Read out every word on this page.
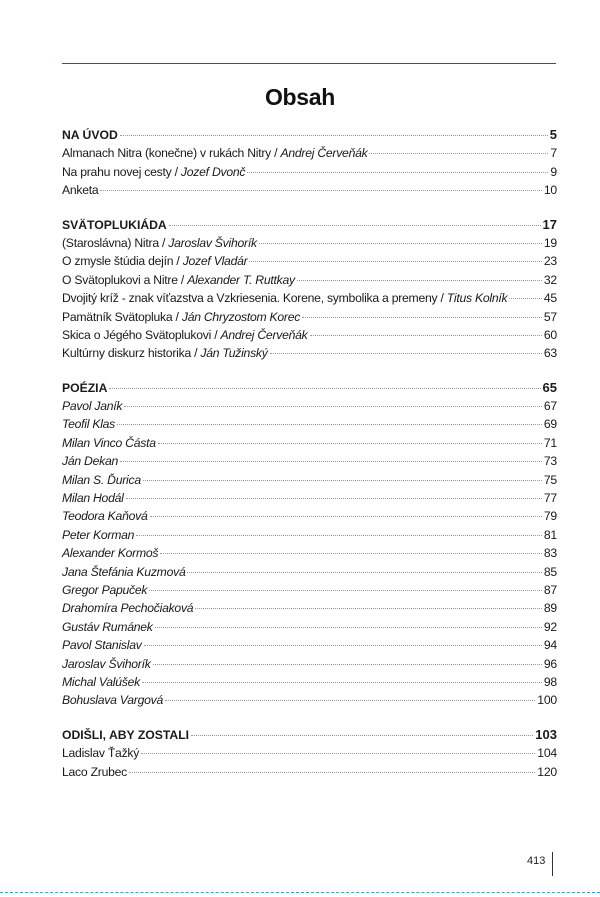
Obsah
NA ÚVOD	5
Almanach Nitra (konečne) v rukách Nitry / Andrej Červeňák	7
Na prahu novej cesty / Jozef Dvonč	9
Anketa	10
SVÄTOPLUKIÁDA	17
(Staroslávna) Nitra / Jaroslav Švihorík	19
O zmysle štúdia dejín / Jozef Vladár	23
O Svätoplukovi a Nitre / Alexander T. Ruttkay	32
Dvojitý kríž - znak víťazstva a Vzkriesenia. Korene, symbolika a premeny / Titus Kolník	45
Pamätník Svätopluka / Ján Chryzostom Korec	57
Skica o Jégého Svätoplukovi / Andrej Červeňák	60
Kultúrny diskurz historika / Ján Tužinský	63
POÉZIA	65
Pavol Janík	67
Teofil Klas	69
Milan Vinco Částa	71
Ján Dekan	73
Milan S. Ďurica	75
Milan Hodál	77
Teodora Kaňová	79
Peter Korman	81
Alexander Kormoš	83
Jana Štefánia Kuzmová	85
Gregor Papuček	87
Drahomíra Pechočiaková	89
Gustáv Rumánek	92
Pavol Stanislav	94
Jaroslav Švihorík	96
Michal Valúšek	98
Bohuslava Vargová	100
ODIŠLI, ABY ZOSTALI	103
Ladislav Ťažký	104
Laco Zrubec	120
413
